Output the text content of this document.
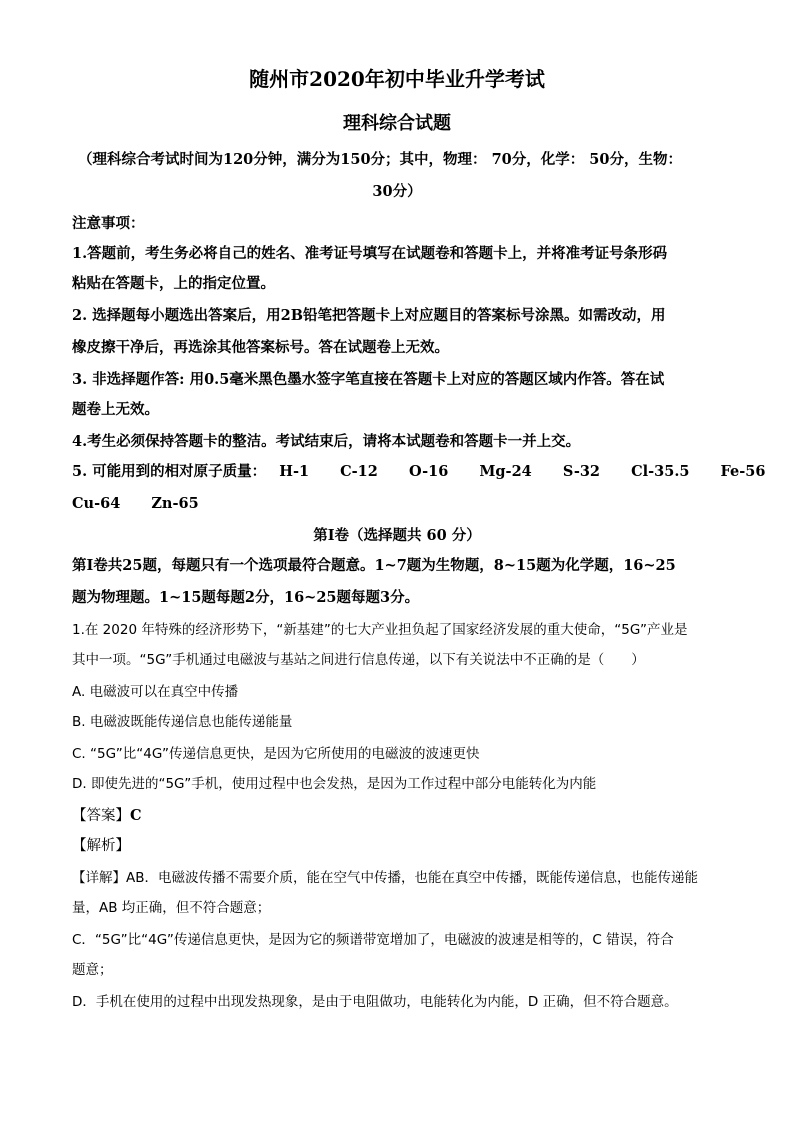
随州市2020年初中毕业升学考试
理科综合试题
（理科综合考试时间为120分钟，满分为150分；其中，物理： 70分，化学： 50分，生物：
30分）
注意事项：
1.答题前，考生务必将自己的姓名、准考证号填写在试题卷和答题卡上，并将准考证号条形码
粘贴在答题卡，上的指定位置。
2. 选择题每小题选出答案后，用2B铅笔把答题卡上对应题目的答案标号涂黑。如需改动，用
橡皮擦干净后，再选涂其他答案标号。答在试题卷上无效。
3. 非选择题作答: 用0.5毫米黑色墨水签字笔直接在答题卡上对应的答题区域内作答。答在试
题卷上无效。
4.考生必须保持答题卡的整洁。考试结束后，请将本试题卷和答题卡一并上交。
5. 可能用到的相对原子质量： H-1 C-12 O-16 Mg-24 S-32 Cl-35.5 Fe-56
Cu-64 Zn-65
第I卷（选择题共 60 分）
第I卷共25题，每题只有一个选项最符合题意。1~7题为生物题，8~15题为化学题，16~25
题为物理题。1~15题每题2分，16~25题每题3分。
1.在 2020 年特殊的经济形势下，“新基建”的七大产业担负起了国家经济发展的重大使命，“5G”产业是
其中一项。“5G”手机通过电磁波与基站之间进行信息传递，以下有关说法中不正确的是（　　）
A. 电磁波可以在真空中传播
B. 电磁波既能传递信息也能传递能量
C. “5G”比“4G”传递信息更快，是因为它所使用的电磁波的波速更快
D. 即使先进的“5G”手机，使用过程中也会发热，是因为工作过程中部分电能转化为内能
【答案】C
【解析】
【详解】AB．电磁波传播不需要介质，能在空气中传播，也能在真空中传播，既能传递信息，也能传递能
量，AB 均正确，但不符合题意；
C．“5G”比“4G”传递信息更快，是因为它的频谱带宽增加了，电磁波的波速是相等的，C 错误，符合
题意；
D．手机在使用的过程中出现发热现象，是由于电阻做功，电能转化为内能，D 正确，但不符合题意。
